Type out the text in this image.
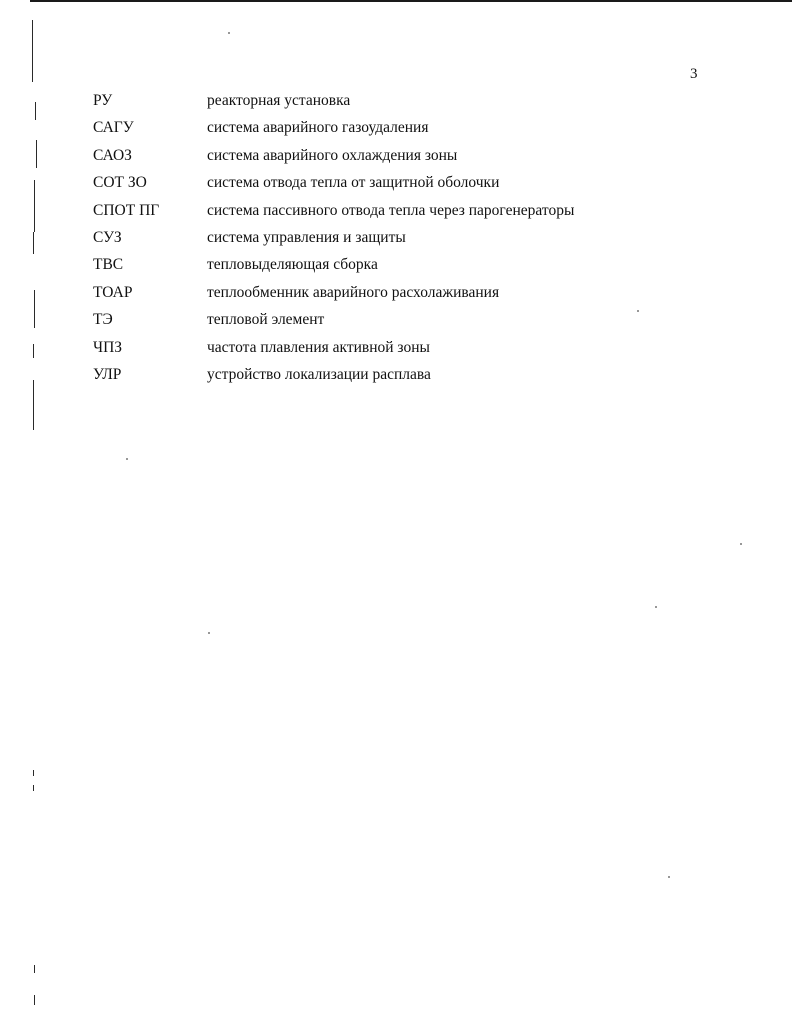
3
РУ	реакторная установка
САГУ	система аварийного газоудаления
САОЗ	система аварийного охлаждения зоны
СОТ ЗО	система отвода тепла от защитной оболочки
СПОТ ПГ	система пассивного отвода тепла через парогенераторы
СУЗ	система управления и защиты
ТВС	тепловыделяющая сборка
ТОАР	теплообменник аварийного расхолаживания
ТЭ	тепловой элемент
ЧПЗ	частота плавления активной зоны
УЛР	устройство локализации расплава
